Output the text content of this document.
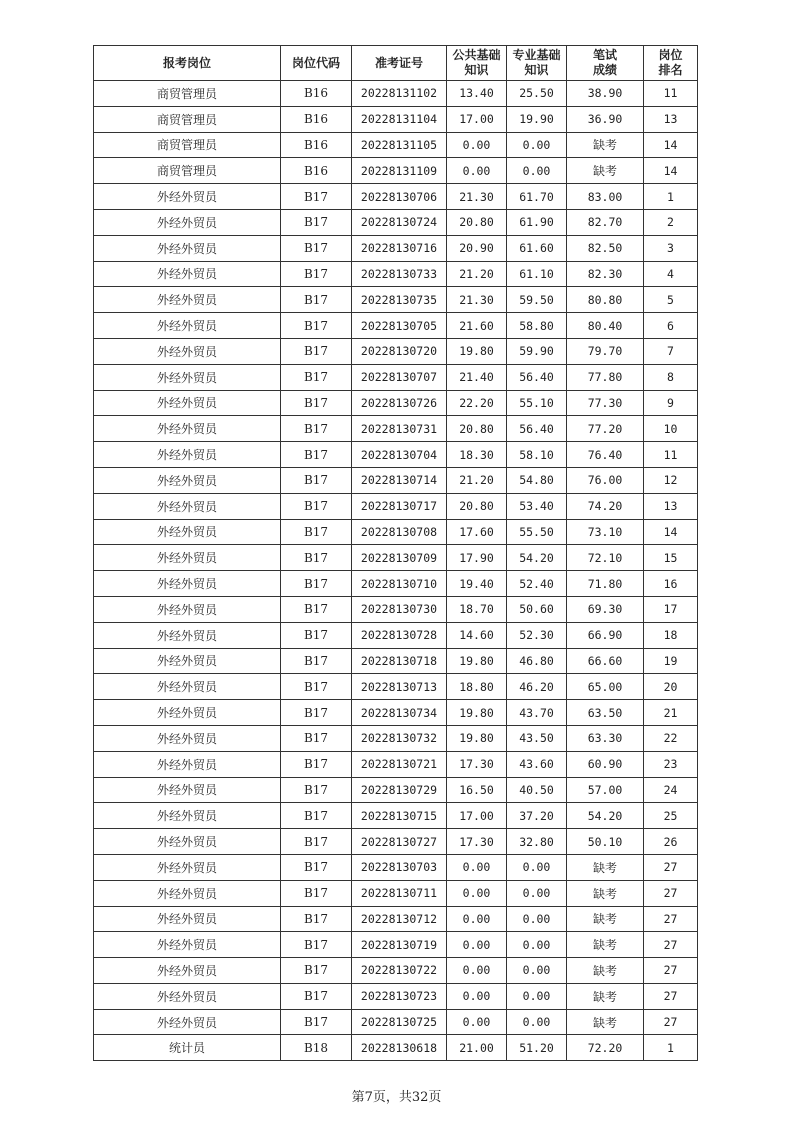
报考岗位	岗位代码	准考证号	公共基础知识	专业基础知识	笔试成绩	岗位排名
商贸管理员	B16	20228131102	13.40	25.50	38.90	11
商贸管理员	B16	20228131104	17.00	19.90	36.90	13
商贸管理员	B16	20228131105	0.00	0.00	缺考	14
商贸管理员	B16	20228131109	0.00	0.00	缺考	14
外经外贸员	B17	20228130706	21.30	61.70	83.00	1
外经外贸员	B17	20228130724	20.80	61.90	82.70	2
外经外贸员	B17	20228130716	20.90	61.60	82.50	3
外经外贸员	B17	20228130733	21.20	61.10	82.30	4
外经外贸员	B17	20228130735	21.30	59.50	80.80	5
外经外贸员	B17	20228130705	21.60	58.80	80.40	6
外经外贸员	B17	20228130720	19.80	59.90	79.70	7
外经外贸员	B17	20228130707	21.40	56.40	77.80	8
外经外贸员	B17	20228130726	22.20	55.10	77.30	9
外经外贸员	B17	20228130731	20.80	56.40	77.20	10
外经外贸员	B17	20228130704	18.30	58.10	76.40	11
外经外贸员	B17	20228130714	21.20	54.80	76.00	12
外经外贸员	B17	20228130717	20.80	53.40	74.20	13
外经外贸员	B17	20228130708	17.60	55.50	73.10	14
外经外贸员	B17	20228130709	17.90	54.20	72.10	15
外经外贸员	B17	20228130710	19.40	52.40	71.80	16
外经外贸员	B17	20228130730	18.70	50.60	69.30	17
外经外贸员	B17	20228130728	14.60	52.30	66.90	18
外经外贸员	B17	20228130718	19.80	46.80	66.60	19
外经外贸员	B17	20228130713	18.80	46.20	65.00	20
外经外贸员	B17	20228130734	19.80	43.70	63.50	21
外经外贸员	B17	20228130732	19.80	43.50	63.30	22
外经外贸员	B17	20228130721	17.30	43.60	60.90	23
外经外贸员	B17	20228130729	16.50	40.50	57.00	24
外经外贸员	B17	20228130715	17.00	37.20	54.20	25
外经外贸员	B17	20228130727	17.30	32.80	50.10	26
外经外贸员	B17	20228130703	0.00	0.00	缺考	27
外经外贸员	B17	20228130711	0.00	0.00	缺考	27
外经外贸员	B17	20228130712	0.00	0.00	缺考	27
外经外贸员	B17	20228130719	0.00	0.00	缺考	27
外经外贸员	B17	20228130722	0.00	0.00	缺考	27
外经外贸员	B17	20228130723	0.00	0.00	缺考	27
外经外贸员	B17	20228130725	0.00	0.00	缺考	27
统计员	B18	20228130618	21.00	51.20	72.20	1
第7页，共32页
